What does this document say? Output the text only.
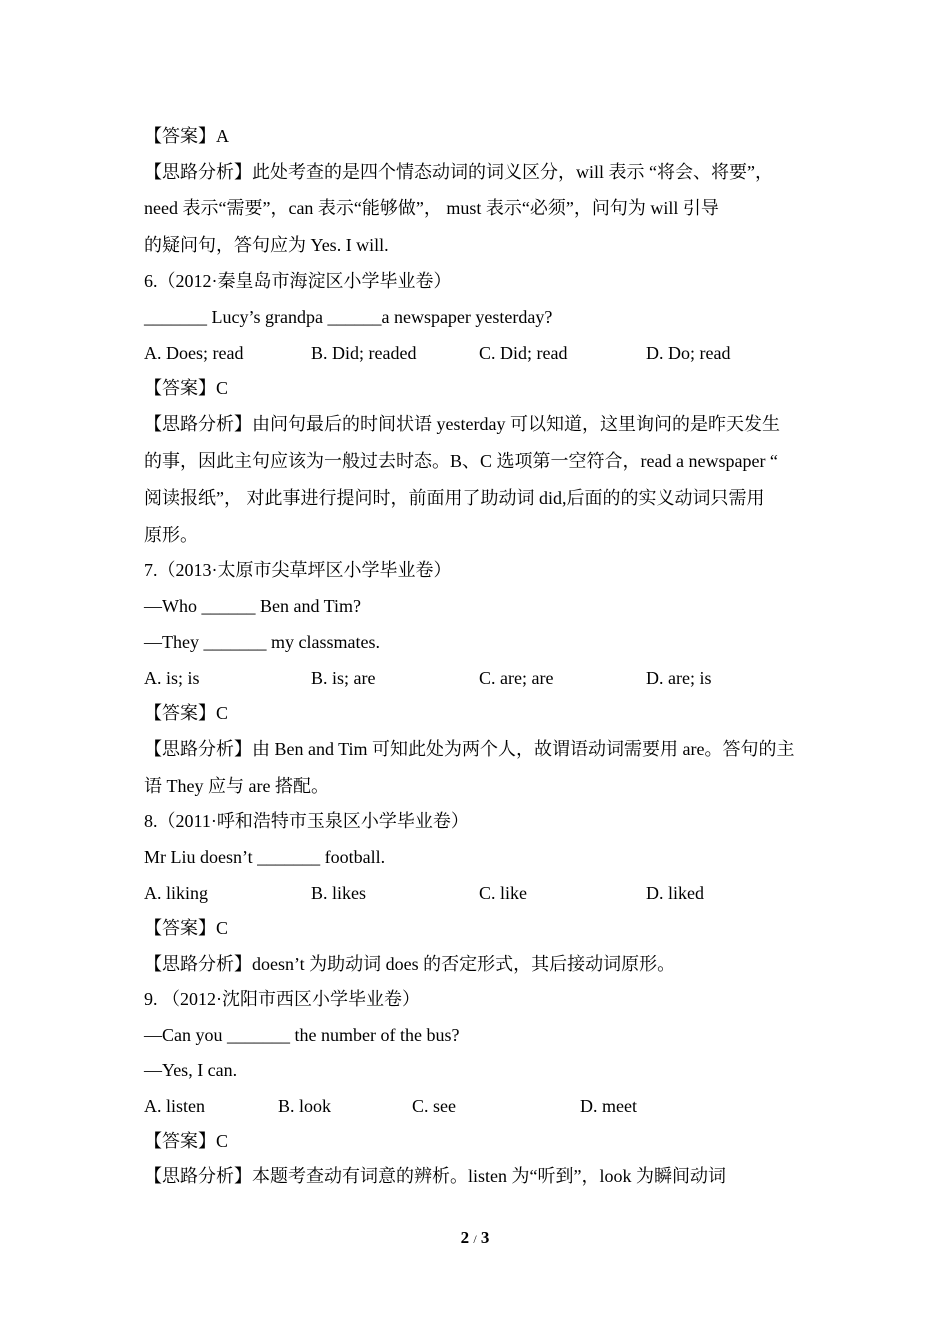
【答案】A
【思路分析】此处考查的是四个情态动词的词义区分，will 表示 “将会、将要”，
need 表示“需要”，can 表示“能够做”， must 表示“必须”，问句为 will 引导
的疑问句，答句应为 Yes. I will.
6.（2012·秦皇岛市海淀区小学毕业卷）
_______ Lucy’s grandpa ______a newspaper yesterday?
A. Does; read	B. Did; readed	C. Did; read	D. Do; read
【答案】C
【思路分析】由问句最后的时间状语 yesterday 可以知道，这里询问的是昨天发生
的事，因此主句应该为一般过去时态。B、C 选项第一空符合，read a newspaper “
阅读报纸”， 对此事进行提问时，前面用了助动词 did,后面的的实义动词只需用
原形。
7.（2013·太原市尖草坪区小学毕业卷）
—Who ______ Ben and Tim?
—They _______ my classmates.
A. is; is	B. is; are	C. are; are	D. are; is
【答案】C
【思路分析】由 Ben and Tim 可知此处为两个人，故谓语动词需要用 are。答句的主
语 They 应与 are 搭配。
8.（2011·呼和浩特市玉泉区小学毕业卷）
Mr Liu doesn’t _______ football.
A. liking	B. likes	C. like	D. liked
【答案】C
【思路分析】doesn’t 为助动词 does 的否定形式，其后接动词原形。
9. （2012·沈阳市西区小学毕业卷）
—Can you _______ the number of the bus?
—Yes, I can.
A. listen	B. look	C. see	D. meet
【答案】C
【思路分析】本题考查动有词意的辨析。listen 为“听到”，look 为瞬间动词
2 / 3
